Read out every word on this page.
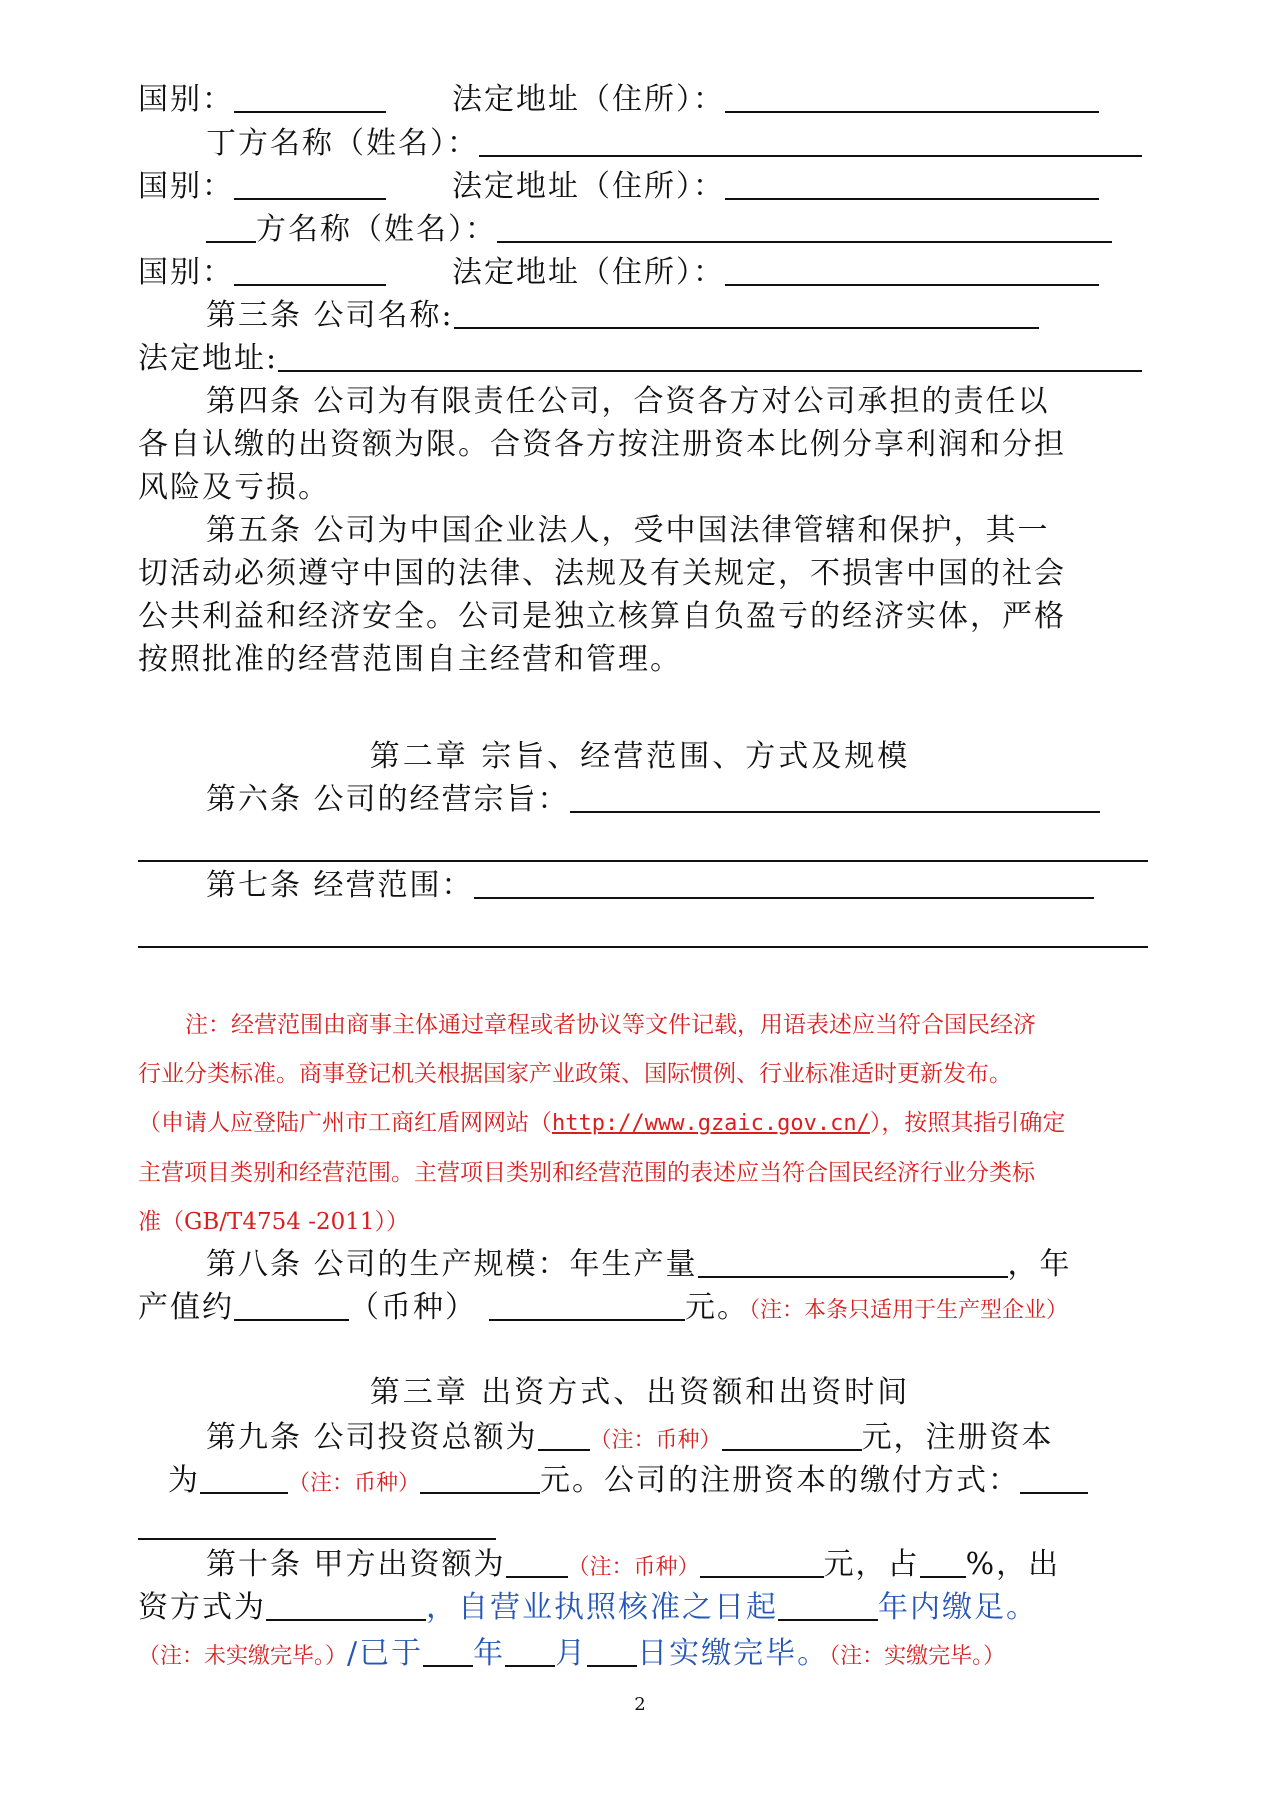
国别：	法定地址（住所）：
丁方名称（姓名）：
国别：	法定地址（住所）：
方名称（姓名）：
国别：	法定地址（住所）：
第三条 公司名称:
法定地址:
第四条 公司为有限责任公司，合资各方对公司承担的责任以
各自认缴的出资额为限。合资各方按注册资本比例分享利润和分担
风险及亏损。
第五条 公司为中国企业法人，受中国法律管辖和保护，其一
切活动必须遵守中国的法律、法规及有关规定，不损害中国的社会
公共利益和经济安全。公司是独立核算自负盈亏的经济实体，严格
按照批准的经营范围自主经营和管理。
第二章 宗旨、经营范围、方式及规模
第六条 公司的经营宗旨：
第七条 经营范围：
注：经营范围由商事主体通过章程或者协议等文件记载，用语表述应当符合国民经济
行业分类标准。商事登记机关根据国家产业政策、国际惯例、行业标准适时更新发布。
（申请人应登陆广州市工商红盾网网站（http://www.gzaic.gov.cn/），按照其指引确定
主营项目类别和经营范围。主营项目类别和经营范围的表述应当符合国民经济行业分类标
准（GB/T4754 -2011））
第八条 公司的生产规模：年生产量	，年
产值约	（币种）	元。（注：本条只适用于生产型企业）
第三章 出资方式、出资额和出资时间
第九条 公司投资总额为 （注：币种）	元，注册资本
为	（注：币种）	元。公司的注册资本的缴付方式：
第十条 甲方出资额为	（注：币种）	元，占 %，出
资方式为	，自营业执照核准之日起	年内缴足。
（注：未实缴完毕。）/已于 年 月 日实缴完毕。（注：实缴完毕。）
2
